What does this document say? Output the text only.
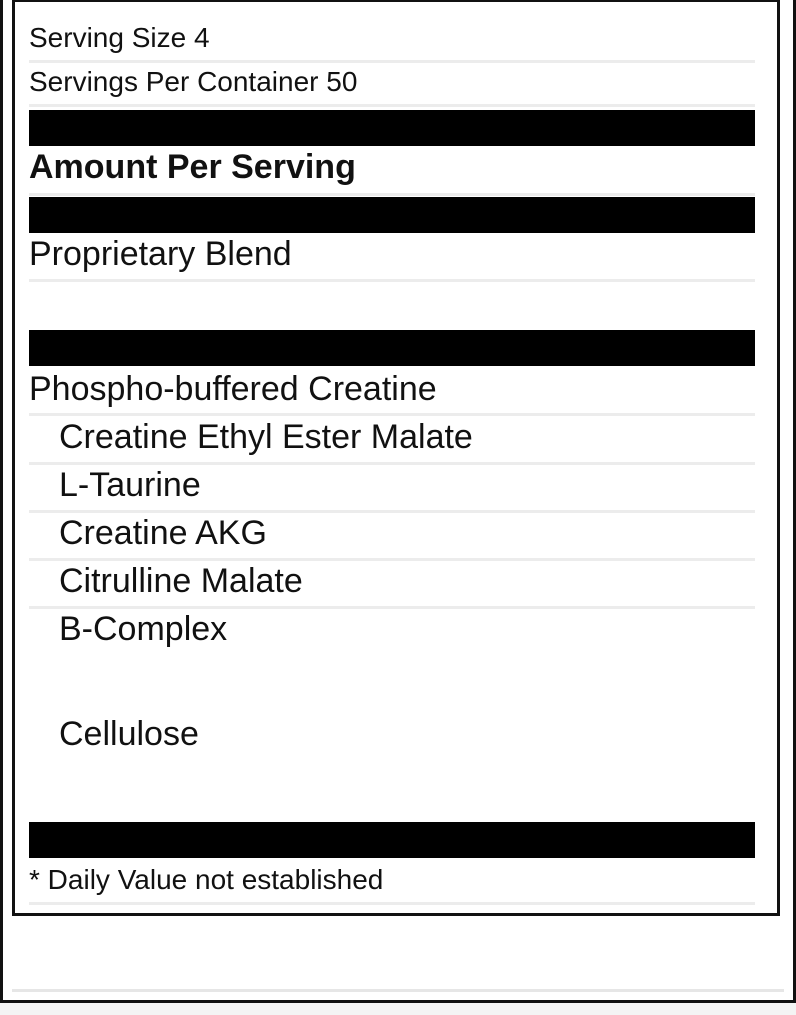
Serving Size 4
Servings Per Container 50
Amount Per Serving
Proprietary Blend
Phospho-buffered Creatine
Creatine Ethyl Ester Malate
L-Taurine
Creatine AKG
Citrulline Malate
B-Complex
Cellulose
* Daily Value not established
